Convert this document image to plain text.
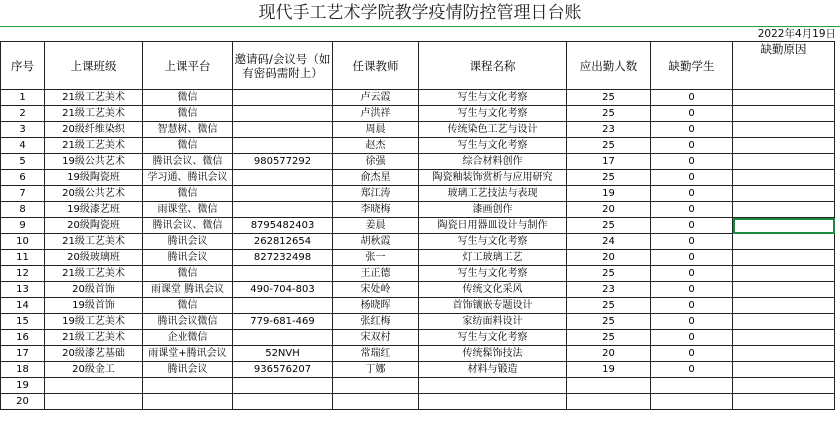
现代手工艺术学院教学疫情防控管理日台账
2022年4月19日
序号	上课班级	上课平台	邀请码/会议号（如有密码需附上）	任课教师	课程名称	应出勤人数	缺勤学生	缺勤原因
1	21级工艺美术	微信		卢云霞	写生与文化考察	25	0	
2	21级工艺美术	微信		卢洪祥	写生与文化考察	25	0	
3	20级纤维染织	智慧树、微信		周晨	传统染色工艺与设计	23	0	
4	21级工艺美术	微信		赵杰	写生与文化考察	25	0	
5	19级公共艺术	腾讯会议、微信	980577292	徐强	综合材料创作	17	0	
6	19级陶瓷班	学习通、腾讯会议		俞杰星	陶瓷釉装饰赏析与应用研究	25	0	
7	20级公共艺术	微信		郑江涛	玻璃工艺技法与表现	19	0	
8	19级漆艺班	雨课堂、微信		李晓梅	漆画创作	20	0	
9	20级陶瓷班	腾讯会议、微信	8795482403	姜晨	陶瓷日用器皿设计与制作	25	0	
10	21级工艺美术	腾讯会议	262812654	胡秋霞	写生与文化考察	24	0	
11	20级玻璃班	腾讯会议	827232498	张一	灯工玻璃工艺	20	0	
12	21级工艺美术	微信		王正德	写生与文化考察	25	0	
13	20级首饰	雨课堂 腾讯会议	490-704-803	宋处岭	传统文化采风	23	0	
14	19级首饰	微信		杨晓晖	首饰镶嵌专题设计	25	0	
15	19级工艺美术	腾讯会议微信	779-681-469	张红梅	家纺面料设计	25	0	
16	21级工艺美术	企业微信		宋双村	写生与文化考察	25	0	
17	20级漆艺基础	雨课堂+腾讯会议	52NVH	常瑞红	传统髹饰技法	20	0	
18	20级金工	腾讯会议	936576207	丁娜	材料与锻造	19	0	
19								
20								
